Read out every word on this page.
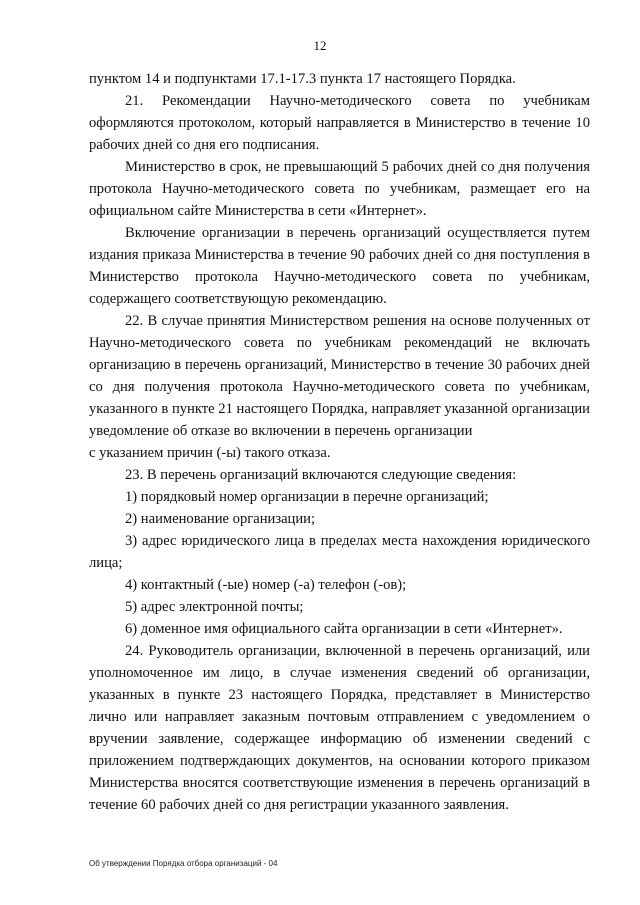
12

пунктом 14 и подпунктами 17.1-17.3 пункта 17 настоящего Порядка.

21. Рекомендации Научно-методического совета по учебникам оформляются протоколом, который направляется в Министерство в течение 10 рабочих дней со дня его подписания.

Министерство в срок, не превышающий 5 рабочих дней со дня получения протокола Научно-методического совета по учебникам, размещает его на официальном сайте Министерства в сети «Интернет».

Включение организации в перечень организаций осуществляется путем издания приказа Министерства в течение 90 рабочих дней со дня поступления в Министерство протокола Научно-методического совета по учебникам, содержащего соответствующую рекомендацию.

22. В случае принятия Министерством решения на основе полученных от Научно-методического совета по учебникам рекомендаций не включать организацию в перечень организаций, Министерство в течение 30 рабочих дней со дня получения протокола Научно-методического совета по учебникам, указанного в пункте 21 настоящего Порядка, направляет указанной организации уведомление об отказе во включении в перечень организации

с указанием причин (-ы) такого отказа.

23. В перечень организаций включаются следующие сведения:

1) порядковый номер организации в перечне организаций;

2) наименование организации;

3) адрес юридического лица в пределах места нахождения юридического лица;

4) контактный (-ые) номер (-а) телефон (-ов);

5) адрес электронной почты;

6) доменное имя официального сайта организации в сети «Интернет».

24. Руководитель организации, включенной в перечень организаций, или уполномоченное им лицо, в случае изменения сведений об организации, указанных в пункте 23 настоящего Порядка, представляет в Министерство лично или направляет заказным почтовым отправлением с уведомлением о вручении заявление, содержащее информацию об изменении сведений с приложением подтверждающих документов, на основании которого приказом Министерства вносятся соответствующие изменения в перечень организаций в течение 60 рабочих дней со дня регистрации указанного заявления.

Об утверждении Порядка отбора организаций - 04
